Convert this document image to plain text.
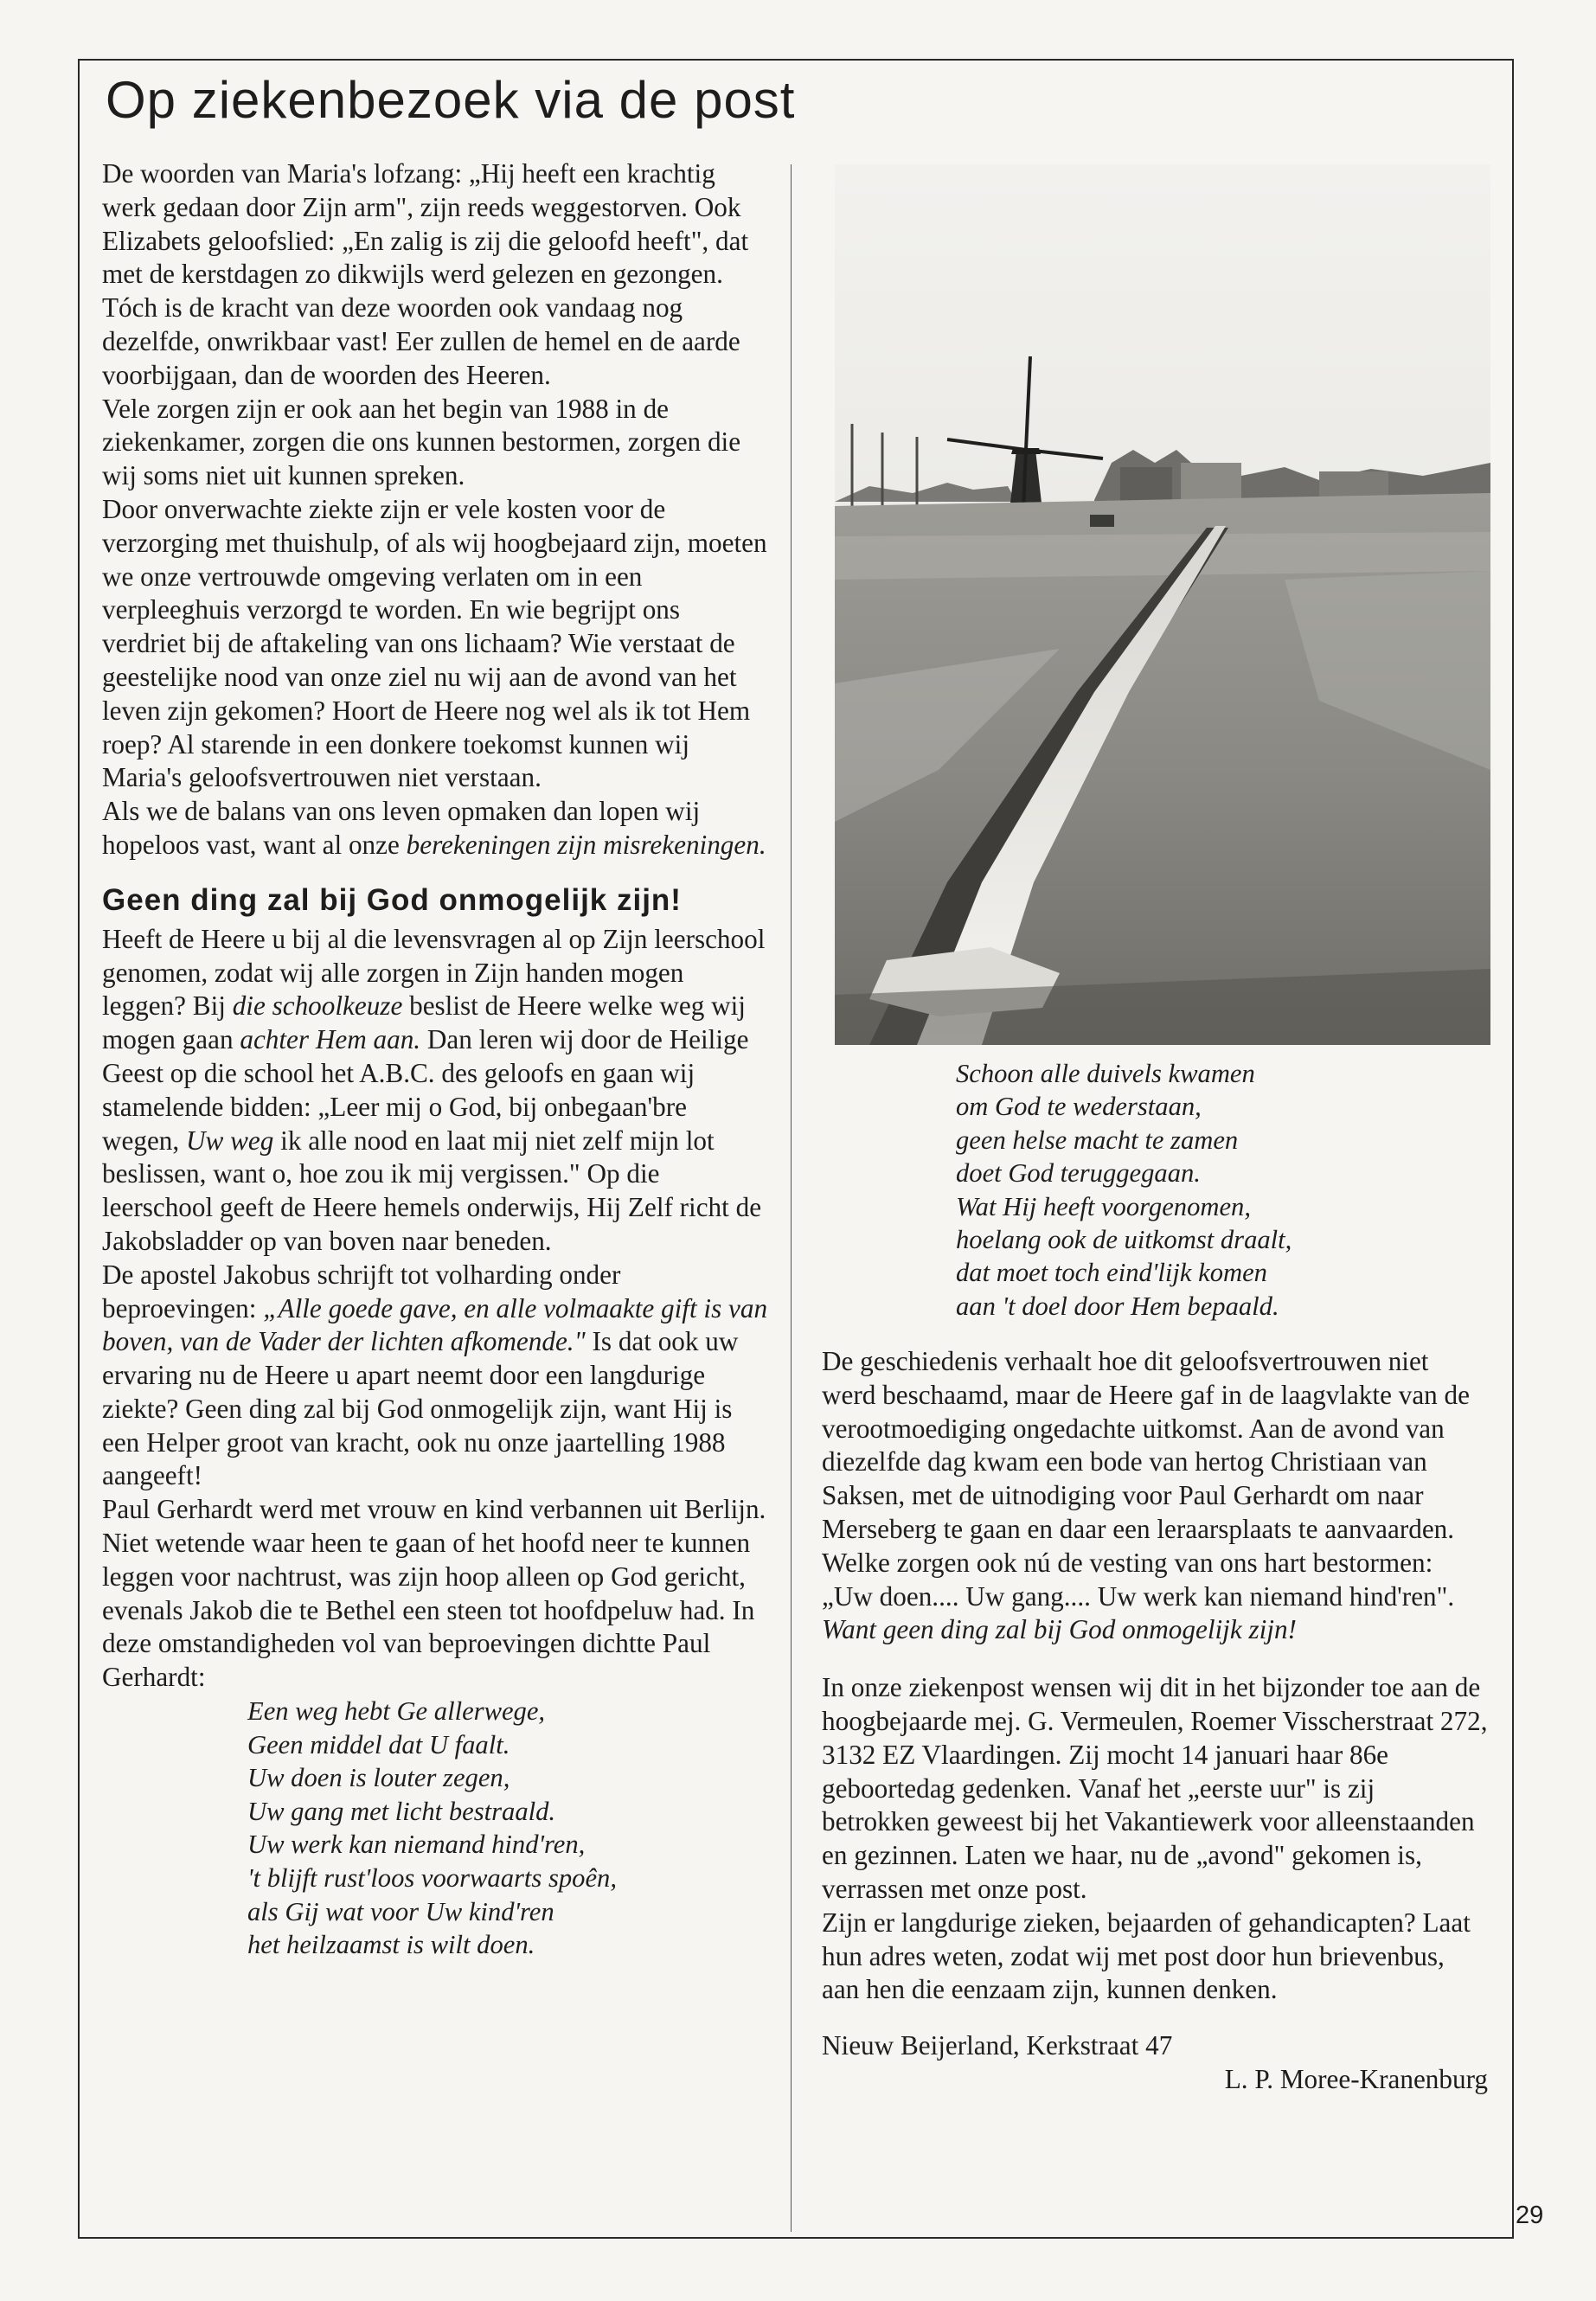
Op ziekenbezoek via de post

De woorden van Maria's lofzang: „Hij heeft een krachtig werk gedaan door Zijn arm", zijn reeds weggestorven. Ook Elizabets geloofslied: „En zalig is zij die geloofd heeft", dat met de kerstdagen zo dikwijls werd gelezen en gezongen. Tóch is de kracht van deze woorden ook vandaag nog dezelfde, onwrikbaar vast! Eer zullen de hemel en de aarde voorbijgaan, dan de woorden des Heeren.

Vele zorgen zijn er ook aan het begin van 1988 in de ziekenkamer, zorgen die ons kunnen bestormen, zorgen die wij soms niet uit kunnen spreken.

Door onverwachte ziekte zijn er vele kosten voor de verzorging met thuishulp, of als wij hoogbejaard zijn, moeten we onze vertrouwde omgeving verlaten om in een verpleeghuis verzorgd te worden. En wie begrijpt ons verdriet bij de aftakeling van ons lichaam? Wie verstaat de geestelijke nood van onze ziel nu wij aan de avond van het leven zijn gekomen? Hoort de Heere nog wel als ik tot Hem roep? Al starende in een donkere toekomst kunnen wij Maria's geloofsvertrouwen niet verstaan.

Als we de balans van ons leven opmaken dan lopen wij hopeloos vast, want al onze berekeningen zijn misrekeningen.

Geen ding zal bij God onmogelijk zijn!

Heeft de Heere u bij al die levensvragen al op Zijn leerschool genomen, zodat wij alle zorgen in Zijn handen mogen leggen? Bij die schoolkeuze beslist de Heere welke weg wij mogen gaan achter Hem aan. Dan leren wij door de Heilige Geest op die school het A.B.C. des geloofs en gaan wij stamelende bidden: „Leer mij o God, bij onbegaan'bre wegen, Uw weg ik alle nood en laat mij niet zelf mijn lot beslissen, want o, hoe zou ik mij vergissen." Op die leerschool geeft de Heere hemels onderwijs, Hij Zelf richt de Jakobsladder op van boven naar beneden.

De apostel Jakobus schrijft tot volharding onder beproevingen: „Alle goede gave, en alle volmaakte gift is van boven, van de Vader der lichten afkomende." Is dat ook uw ervaring nu de Heere u apart neemt door een langdurige ziekte? Geen ding zal bij God onmogelijk zijn, want Hij is een Helper groot van kracht, ook nu onze jaartelling 1988 aangeeft!

Paul Gerhardt werd met vrouw en kind verbannen uit Berlijn. Niet wetende waar heen te gaan of het hoofd neer te kunnen leggen voor nachtrust, was zijn hoop alleen op God gericht, evenals Jakob die te Bethel een steen tot hoofdpeluw had. In deze omstandigheden vol van beproevingen dichtte Paul Gerhardt:

Een weg hebt Ge allerwege,
Geen middel dat U faalt.
Uw doen is louter zegen,
Uw gang met licht bestraald.
Uw werk kan niemand hind'ren,
't blijft rust'loos voorwaarts spoên,
als Gij wat voor Uw kind'ren
het heilzaamst is wilt doen.
Schoon alle duivels kwamen
om God te wederstaan,
geen helse macht te zamen
doet God teruggegaan.
Wat Hij heeft voorgenomen,
hoelang ook de uitkomst draalt,
dat moet toch eind'lijk komen
aan 't doel door Hem bepaald.

De geschiedenis verhaalt hoe dit geloofsvertrouwen niet werd beschaamd, maar de Heere gaf in de laagvlakte van de verootmoediging ongedachte uitkomst. Aan de avond van diezelfde dag kwam een bode van hertog Christiaan van Saksen, met de uitnodiging voor Paul Gerhardt om naar Merseberg te gaan en daar een leraarsplaats te aanvaarden.

Welke zorgen ook nú de vesting van ons hart bestormen: „Uw doen.... Uw gang.... Uw werk kan niemand hind'ren". Want geen ding zal bij God onmogelijk zijn!

In onze ziekenpost wensen wij dit in het bijzonder toe aan de hoogbejaarde mej. G. Vermeulen, Roemer Visscherstraat 272, 3132 EZ Vlaardingen. Zij mocht 14 januari haar 86e geboortedag gedenken. Vanaf het „eerste uur" is zij betrokken geweest bij het Vakantiewerk voor alleenstaanden en gezinnen. Laten we haar, nu de „avond" gekomen is, verrassen met onze post.

Zijn er langdurige zieken, bejaarden of gehandicapten? Laat hun adres weten, zodat wij met post door hun brievenbus, aan hen die eenzaam zijn, kunnen denken.

Nieuw Beijerland, Kerkstraat 47

L. P. Moree-Kranenburg

29
